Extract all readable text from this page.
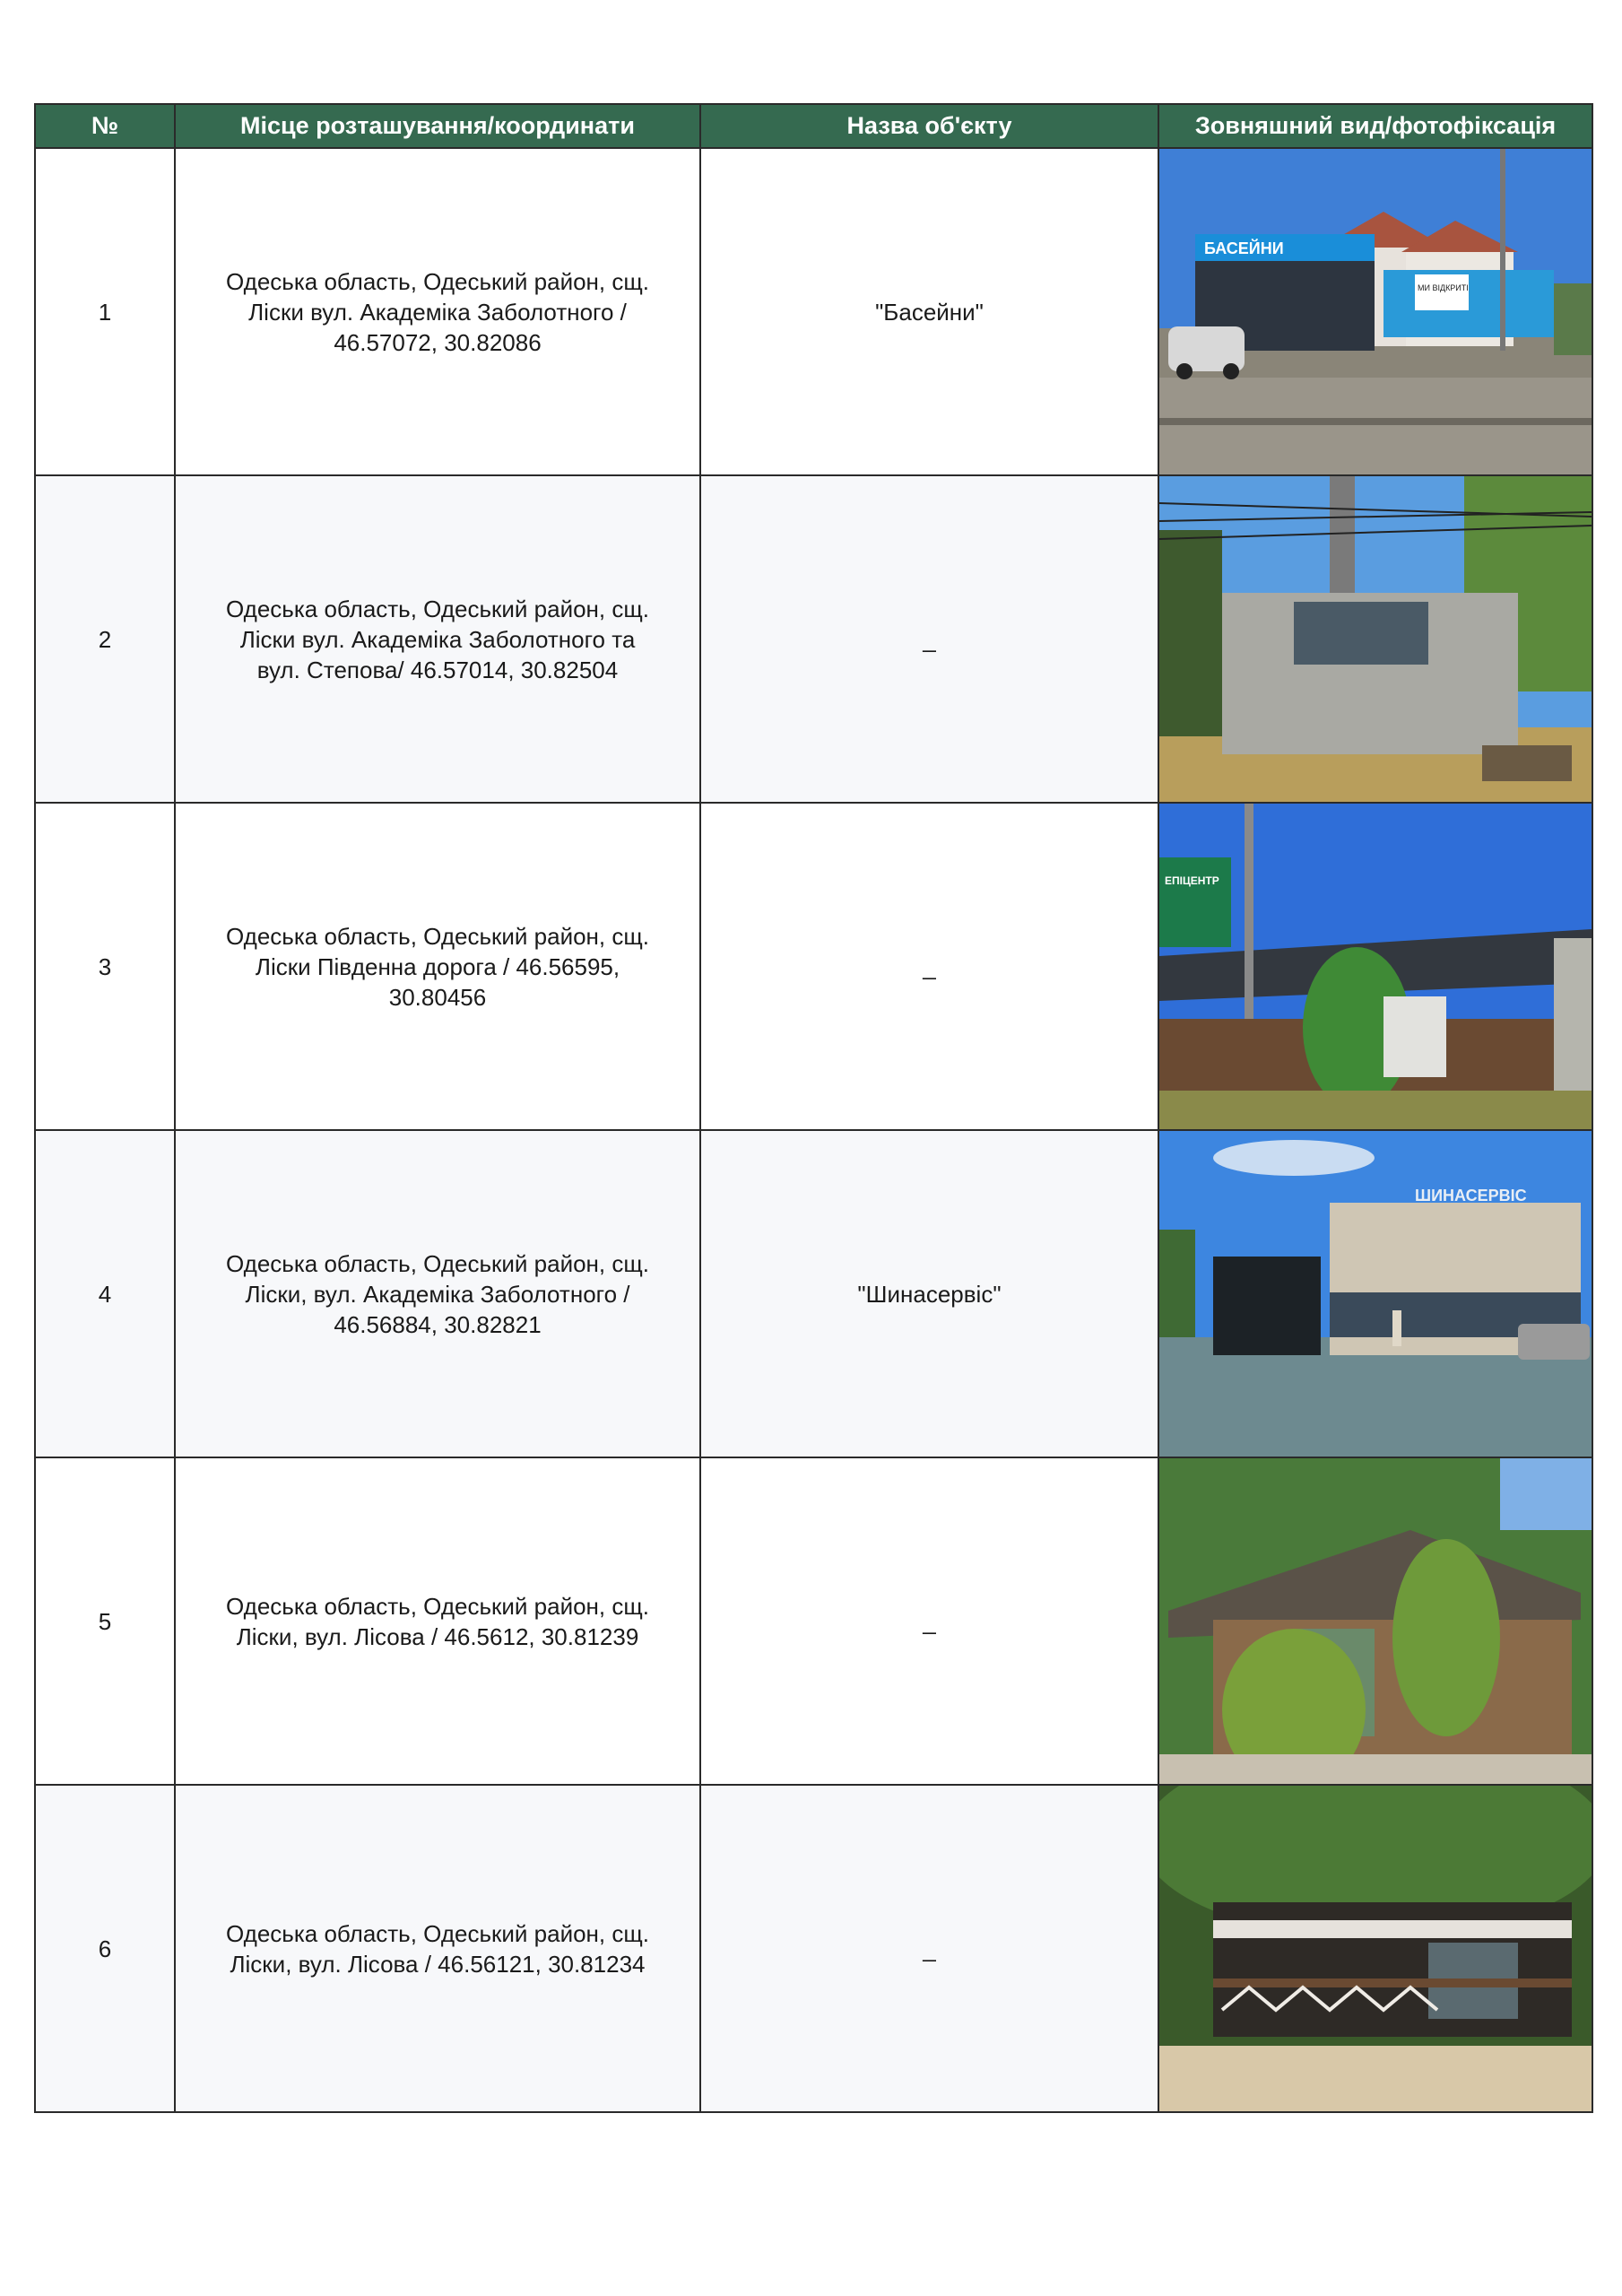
№	Місце розташування/координати	Назва об'єкту	Зовняшний вид/фотофіксація
1	Одеська область, Одеський район, сщ.
Ліски вул. Академіка Заболотного /
46.57072, 30.82086	"Басейни"	БАСЕЙНИ
МИ ВІДКРИТІ

2	Одеська область, Одеський район, сщ.
Ліски вул. Академіка Заболотного та
вул. Степова/ 46.57014, 30.82504	_	

3	Одеська область, Одеський район, сщ.
Ліски Південна дорога / 46.56595,
30.80456	_	ЕПІЦЕНТР

4	Одеська область, Одеський район, сщ.
Ліски, вул. Академіка Заболотного /
46.56884, 30.82821	"Шинасервіс"	ШИНАСЕРВІС

5	Одеська область, Одеський район, сщ.
Ліски, вул. Лісова / 46.5612, 30.81239	_	

6	Одеська область, Одеський район, сщ.
Ліски, вул. Лісова / 46.56121, 30.81234	_	
